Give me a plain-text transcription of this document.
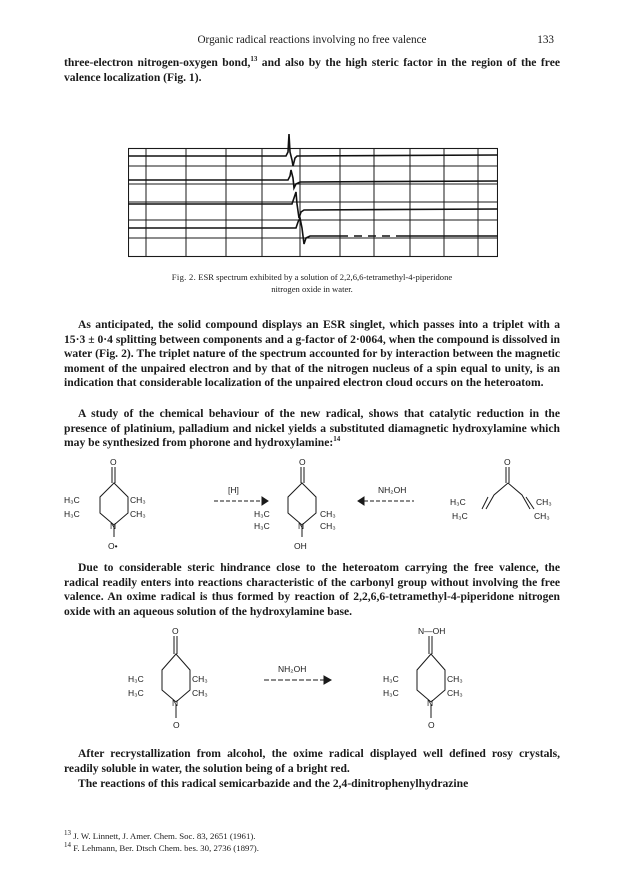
Organic radical reactions involving no free valence	133

three-electron nitrogen-oxygen bond,$^{13}$ and also by the high steric factor in the region of the free valence localization (Fig. 1).

Fig. 2. ESR spectrum exhibited by a solution of 2,2,6,6-tetramethyl-4-piperidone
nitrogen oxide in water.

As anticipated, the solid compound displays an ESR singlet, which passes into a triplet with a 15·3 ± 0·4 splitting between components and a g-factor of 2·0064, when the compound is dissolved in water (Fig. 2). The triplet nature of the spectrum accounted for by interaction between the magnetic moment of the unpaired electron and by that of the nitrogen nucleus of a spin equal to unity, is an indication that considerable localization of the unpaired electron cloud occurs on the heteroatom.

A study of the chemical behaviour of the new radical, shows that catalytic reduction in the presence of platinium, palladium and nickel yields a substituted diamagnetic hydroxylamine which may be synthesized from phorone and hydroxylamine:$^{14}$

O
H₃C
H₃C
CH₃
CH₃
N
O•
[H]
O
H₃C
H₃C
CH₃
CH₃
N
OH
NH₂OH
O
H₃C
H₃C
CH₃
CH₃

Due to considerable steric hindrance close to the heteroatom carrying the free valence, the radical readily enters into reactions characteristic of the carbonyl group without involving the free valence. An oxime radical is thus formed by reaction of 2,2,6,6-tetramethyl-4-piperidone nitrogen oxide with an aqueous solution of the hydroxylamine base.

O
H₃C
H₃C
CH₃
CH₃
N
O
NH₂OH
N—OH
H₃C
H₃C
CH₃
CH₃
N
O

After recrystallization from alcohol, the oxime radical displayed well defined rosy crystals, readily soluble in water, the solution being of a bright red.

The reactions of this radical semicarbazide and the 2,4-dinitrophenylhydrazine

$^{13}$ J. W. Linnett, J. Amer. Chem. Soc. 83, 2651 (1961).

$^{14}$ F. Lehmann, Ber. Dtsch Chem. bes. 30, 2736 (1897).
